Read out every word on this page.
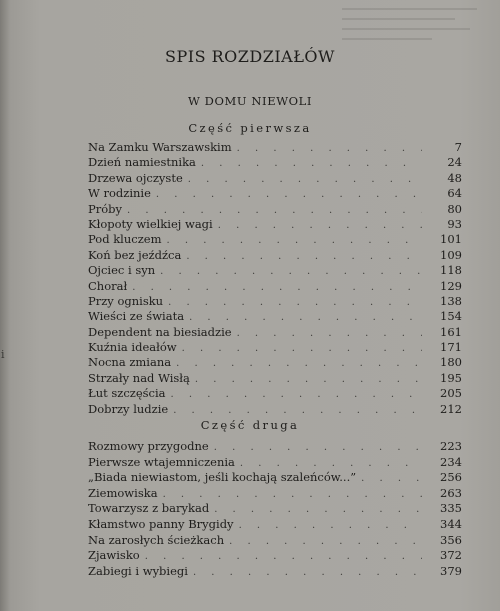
i
SPIS ROZDZIAŁÓW
W DOMU NIEWOLI
Część pierwsza
Na Zamku Warszawskim . . .	7
Dzień namiestnika . . .	24
Drzewa ojczyste . . .	48
W rodzinie . . .	64
Próby . . .	80
Kłopoty wielkiej wagi . . .	93
Pod kluczem . . .	101
Koń bez jeźdźca . . .	109
Ojciec i syn . . .	118
Chorał . . .	129
Przy ognisku . . .	138
Wieści ze świata . . .	154
Dependent na biesiadzie . . .	161
Kuźnia ideałów . . .	171
Nocna zmiana . . .	180
Strzały nad Wisłą . . .	195
Łut szczęścia . . .	205
Dobrzy ludzie . . .	212
Część druga
Rozmowy przygodne . . .	223
Pierwsze wtajemniczenia . . .	234
„Biada niewiastom, jeśli kochają szaleńców...” . . .	256
Ziemowiska . . .	263
Towarzysz z barykad . . .	335
Kłamstwo panny Brygidy . . .	344
Na zarosłych ścieżkach . . .	356
Zjawisko . . .	372
Zabiegi i wybiegi . . .	379
